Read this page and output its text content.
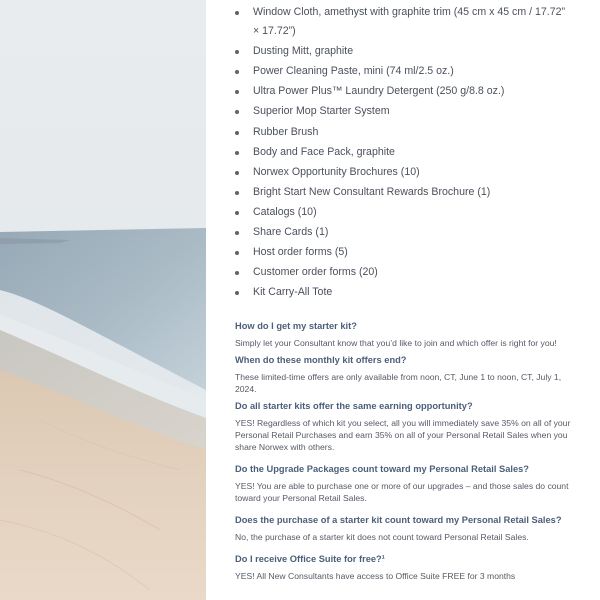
Window Cloth, amethyst with graphite trim (45 cm x 45 cm / 17.72” × 17.72”)
Dusting Mitt, graphite
Power Cleaning Paste, mini (74 ml/2.5 oz.)
Ultra Power Plus™ Laundry Detergent (250 g/8.8 oz.)
Superior Mop Starter System
Rubber Brush
Body and Face Pack, graphite
Norwex Opportunity Brochures (10)
Bright Start New Consultant Rewards Brochure (1)
Catalogs (10)
Share Cards (1)
Host order forms (5)
Customer order forms (20)
Kit Carry-All Tote
How do I get my starter kit?
Simply let your Consultant know that you’d like to join and which offer is right for you!
When do these monthly kit offers end?
These limited-time offers are only available from noon, CT, June 1 to noon, CT, July 1, 2024.
Do all starter kits offer the same earning opportunity?
YES! Regardless of which kit you select, all you will immediately save 35% on all of your Personal Retail Purchases and earn 35% on all of your Personal Retail Sales when you share Norwex with others.
Do the Upgrade Packages count toward my Personal Retail Sales?
YES! You are able to purchase one or more of our upgrades – and those sales do count toward your Personal Retail Sales.
Does the purchase of a starter kit count toward my Personal Retail Sales?
No, the purchase of a starter kit does not count toward Personal Retail Sales.
Do I receive Office Suite for free?¹
YES! All New Consultants have access to Office Suite FREE for 3 months
